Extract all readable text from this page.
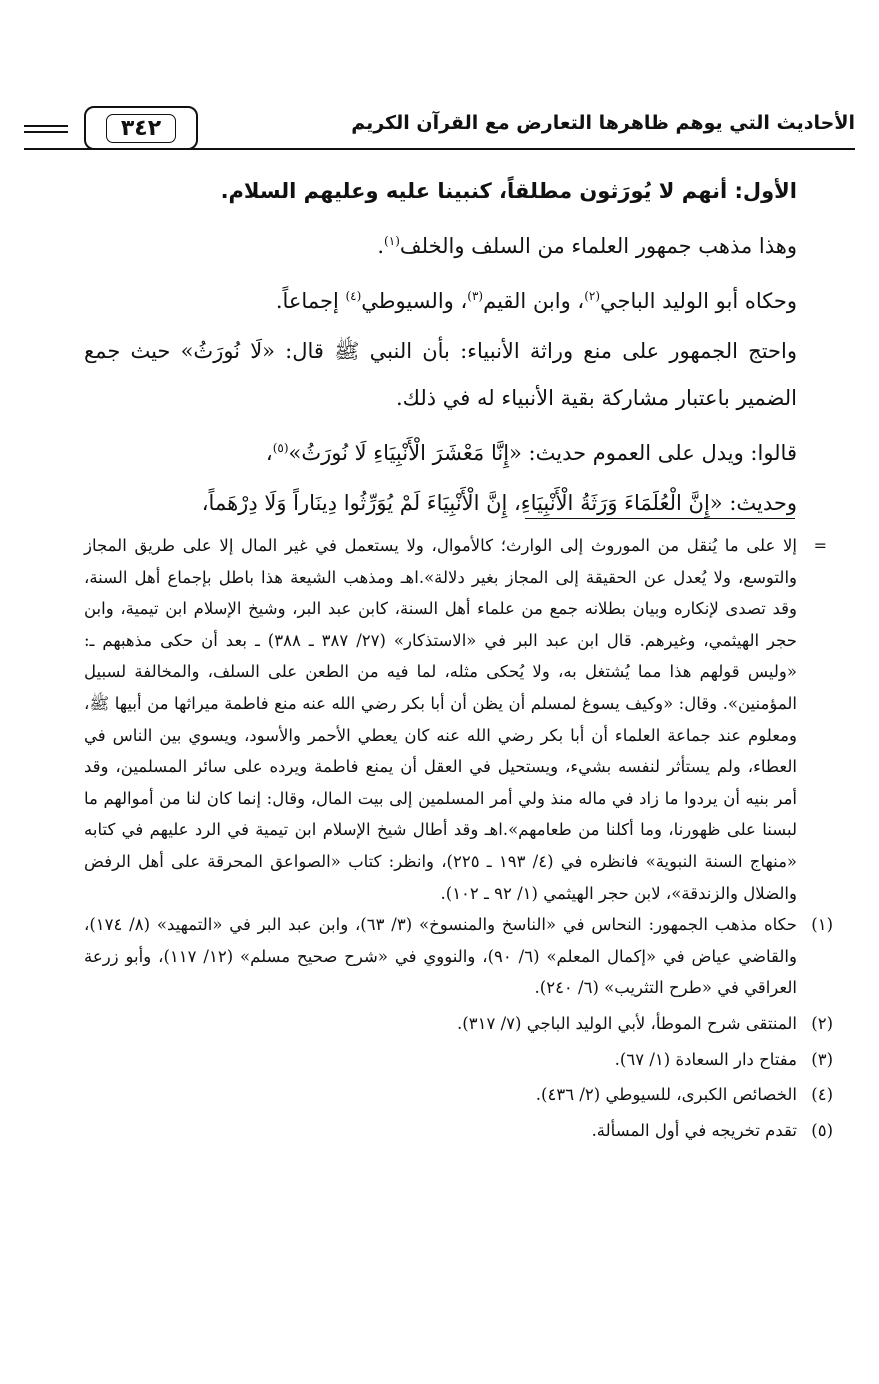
الأحاديث التي يوهم ظاهرها التعارض مع القرآن الكريم
٣٤٢

الأول: أنهم لا يُورَثون مطلقاً، كنبينا عليه وعليهم السلام.

وهذا مذهب جمهور العلماء من السلف والخلف$^{(١)}$.

وحكاه أبو الوليد الباجي$^{(٢)}$، وابن القيم$^{(٣)}$، والسيوطي$^{(٤)}$ إجماعاً.

واحتج الجمهور على منع وراثة الأنبياء: بأن النبي ﷺ قال: «لَا نُورَثُ» حيث جمع الضمير باعتبار مشاركة بقية الأنبياء له في ذلك.

قالوا: ويدل على العموم حديث: «إِنَّا مَعْشَرَ الْأَنْبِيَاءِ لَا نُورَثُ»$^{(٥)}$،

وحديث: «إِنَّ الْعُلَمَاءَ وَرَثَةُ الْأَنْبِيَاءِ، إِنَّ الْأَنْبِيَاءَ لَمْ يُوَرِّثُوا دِينَاراً وَلَا دِرْهَماً،

=
إلا على ما يُنقل من الموروث إلى الوارث؛ كالأموال، ولا يستعمل في غير المال إلا على طريق المجاز والتوسع، ولا يُعدل عن الحقيقة إلى المجاز بغير دلالة».اهـ ومذهب الشيعة هذا باطل بإجماع أهل السنة، وقد تصدى لإنكاره وبيان بطلانه جمع من علماء أهل السنة، كابن عبد البر، وشيخ الإسلام ابن تيمية، وابن حجر الهيثمي، وغيرهم. قال ابن عبد البر في «الاستذكار» (٢٧/ ٣٨٧ ـ ٣٨٨) ـ بعد أن حكى مذهبهم ـ: «وليس قولهم هذا مما يُشتغل به، ولا يُحكى مثله، لما فيه من الطعن على السلف، والمخالفة لسبيل المؤمنين». وقال: «وكيف يسوغ لمسلم أن يظن أن أبا بكر رضي الله عنه منع فاطمة ميراثها من أبيها ﷺ، ومعلوم عند جماعة العلماء أن أبا بكر رضي الله عنه كان يعطي الأحمر والأسود، ويسوي بين الناس في العطاء، ولم يستأثر لنفسه بشيء، ويستحيل في العقل أن يمنع فاطمة ويرده على سائر المسلمين، وقد أمر بنيه أن يردوا ما زاد في ماله منذ ولي أمر المسلمين إلى بيت المال، وقال: إنما كان لنا من أموالهم ما لبسنا على ظهورنا، وما أكلنا من طعامهم».اهـ وقد أطال شيخ الإسلام ابن تيمية في الرد عليهم في كتابه «منهاج السنة النبوية» فانظره في (٤/ ١٩٣ ـ ٢٢٥)، وانظر: كتاب «الصواعق المحرقة على أهل الرفض والضلال والزندقة»، لابن حجر الهيثمي (١/ ٩٢ ـ ١٠٢).
(١)
حكاه مذهب الجمهور: النحاس في «الناسخ والمنسوخ» (٣/ ٦٣)، وابن عبد البر في «التمهيد» (٨/ ١٧٤)، والقاضي عياض في «إكمال المعلم» (٦/ ٩٠)، والنووي في «شرح صحيح مسلم» (١٢/ ١١٧)، وأبو زرعة العراقي في «طرح التثريب» (٦/ ٢٤٠).
(٢)
المنتقى شرح الموطأ، لأبي الوليد الباجي (٧/ ٣١٧).
(٣)
مفتاح دار السعادة (١/ ٦٧).
(٤)
الخصائص الكبرى، للسيوطي (٢/ ٤٣٦).
(٥)
تقدم تخريجه في أول المسألة.
